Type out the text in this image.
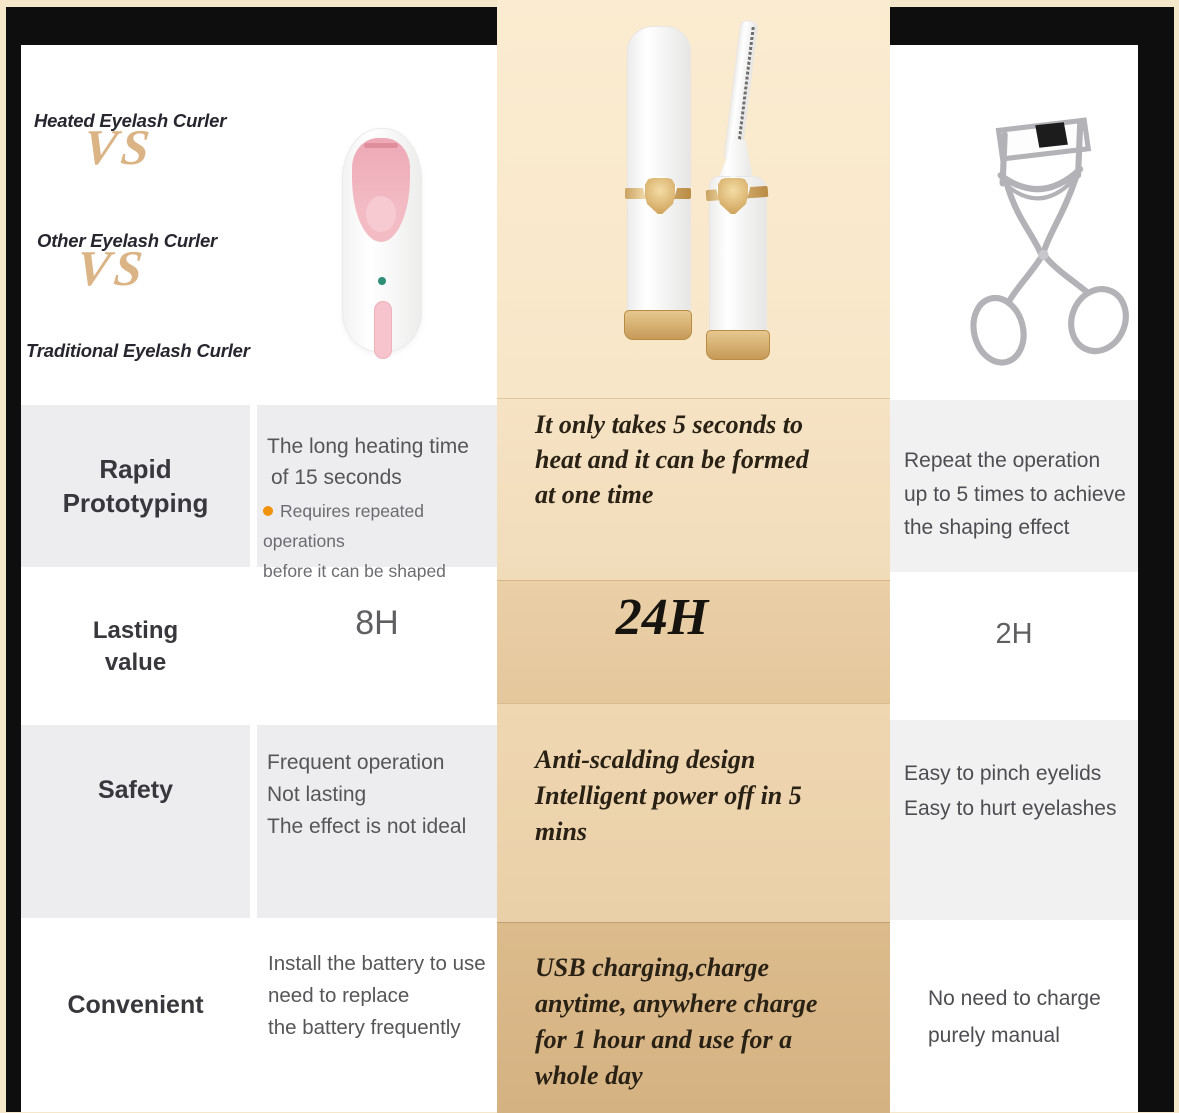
Heated Eyelash Curler
VS
Other Eyelash Curler
VS
Traditional Eyelash Curler
Rapid Prototyping
The long heating time
of 15 seconds
Requires repeated operations
before it can be shaped
It only takes 5 seconds to
heat and it can be formed
at one time
Repeat the operation
up to 5 times to achieve
the shaping effect
Lasting value
8H	24H	2H
Safety
Frequent operation
Not lasting
The effect is not ideal
Anti-scalding design
Intelligent power off in 5
mins
Easy to pinch eyelids
Easy to hurt eyelashes
Convenient
Install the battery to use
need to replace
the battery frequently
USB charging,charge
anytime, anywhere charge
for 1 hour and use for a
whole day
No need to charge
purely manual
